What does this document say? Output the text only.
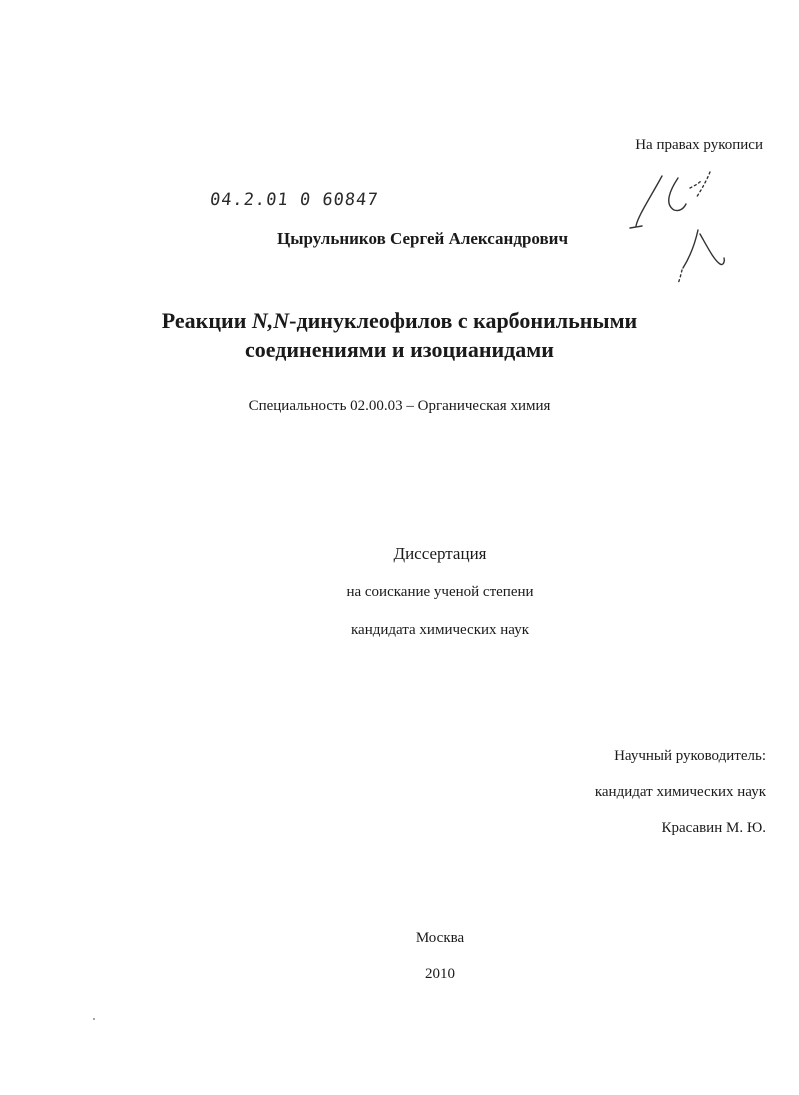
На правах рукописи
04.2.01 0 60847
Цырульников Сергей Александрович
Реакции N,N-динуклеофилов с карбонильными
соединениями и изоцианидами
Специальность 02.00.03 – Органическая химия
Диссертация
на соискание ученой степени
кандидата химических наук
Научный руководитель:
кандидат химических наук
Красавин М. Ю.
Москва
2010
